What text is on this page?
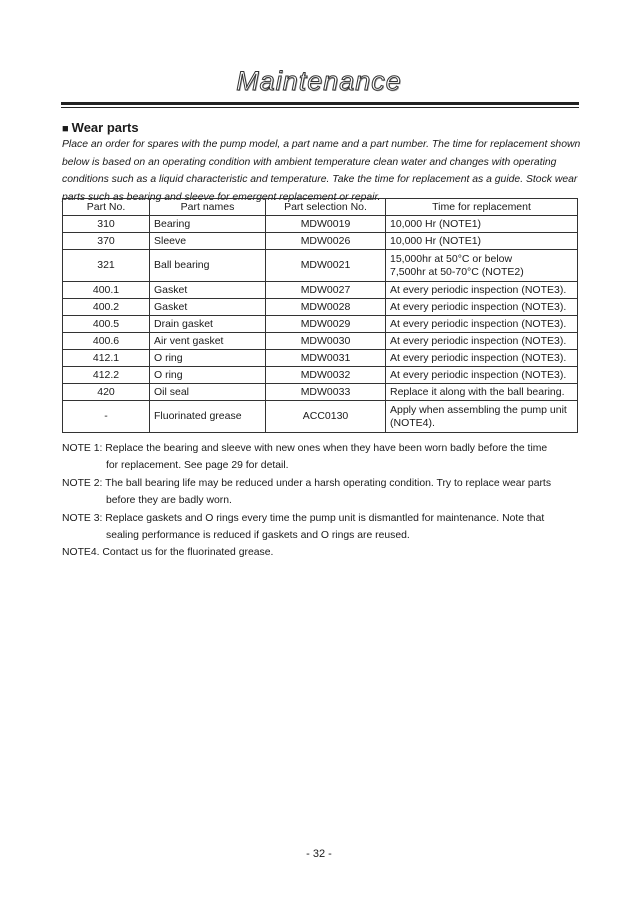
Maintenance
■ Wear parts
Place an order for spares with the pump model, a part name and a part number. The time for replacement shown below is based on an operating condition with ambient temperature clean water and changes with operating conditions such as a liquid characteristic and temperature. Take the time for replacement as a guide. Stock wear parts such as bearing and sleeve for emergent replacement or repair.
Part No.	Part names	Part selection No.	Time for replacement
310	Bearing	MDW0019	10,000 Hr (NOTE1)
370	Sleeve	MDW0026	10,000 Hr (NOTE1)
321	Ball bearing	MDW0021	15,000hr at 50°C or below
7,500hr at 50-70°C (NOTE2)
400.1	Gasket	MDW0027	At every periodic inspection (NOTE3).
400.2	Gasket	MDW0028	At every periodic inspection (NOTE3).
400.5	Drain gasket	MDW0029	At every periodic inspection (NOTE3).
400.6	Air vent gasket	MDW0030	At every periodic inspection (NOTE3).
412.1	O ring	MDW0031	At every periodic inspection (NOTE3).
412.2	O ring	MDW0032	At every periodic inspection (NOTE3).
420	Oil seal	MDW0033	Replace it along with the ball bearing.
-	Fluorinated grease	ACC0130	Apply when assembling the pump unit
(NOTE4).

NOTE 1: Replace the bearing and sleeve with new ones when they have been worn badly before the time
for replacement. See page 29 for detail.

NOTE 2: The ball bearing life may be reduced under a harsh operating condition. Try to replace wear parts
before they are badly worn.

NOTE 3: Replace gaskets and O rings every time the pump unit is dismantled for maintenance. Note that
sealing performance is reduced if gaskets and O rings are reused.

NOTE4. Contact us for the fluorinated grease.

- 32 -
